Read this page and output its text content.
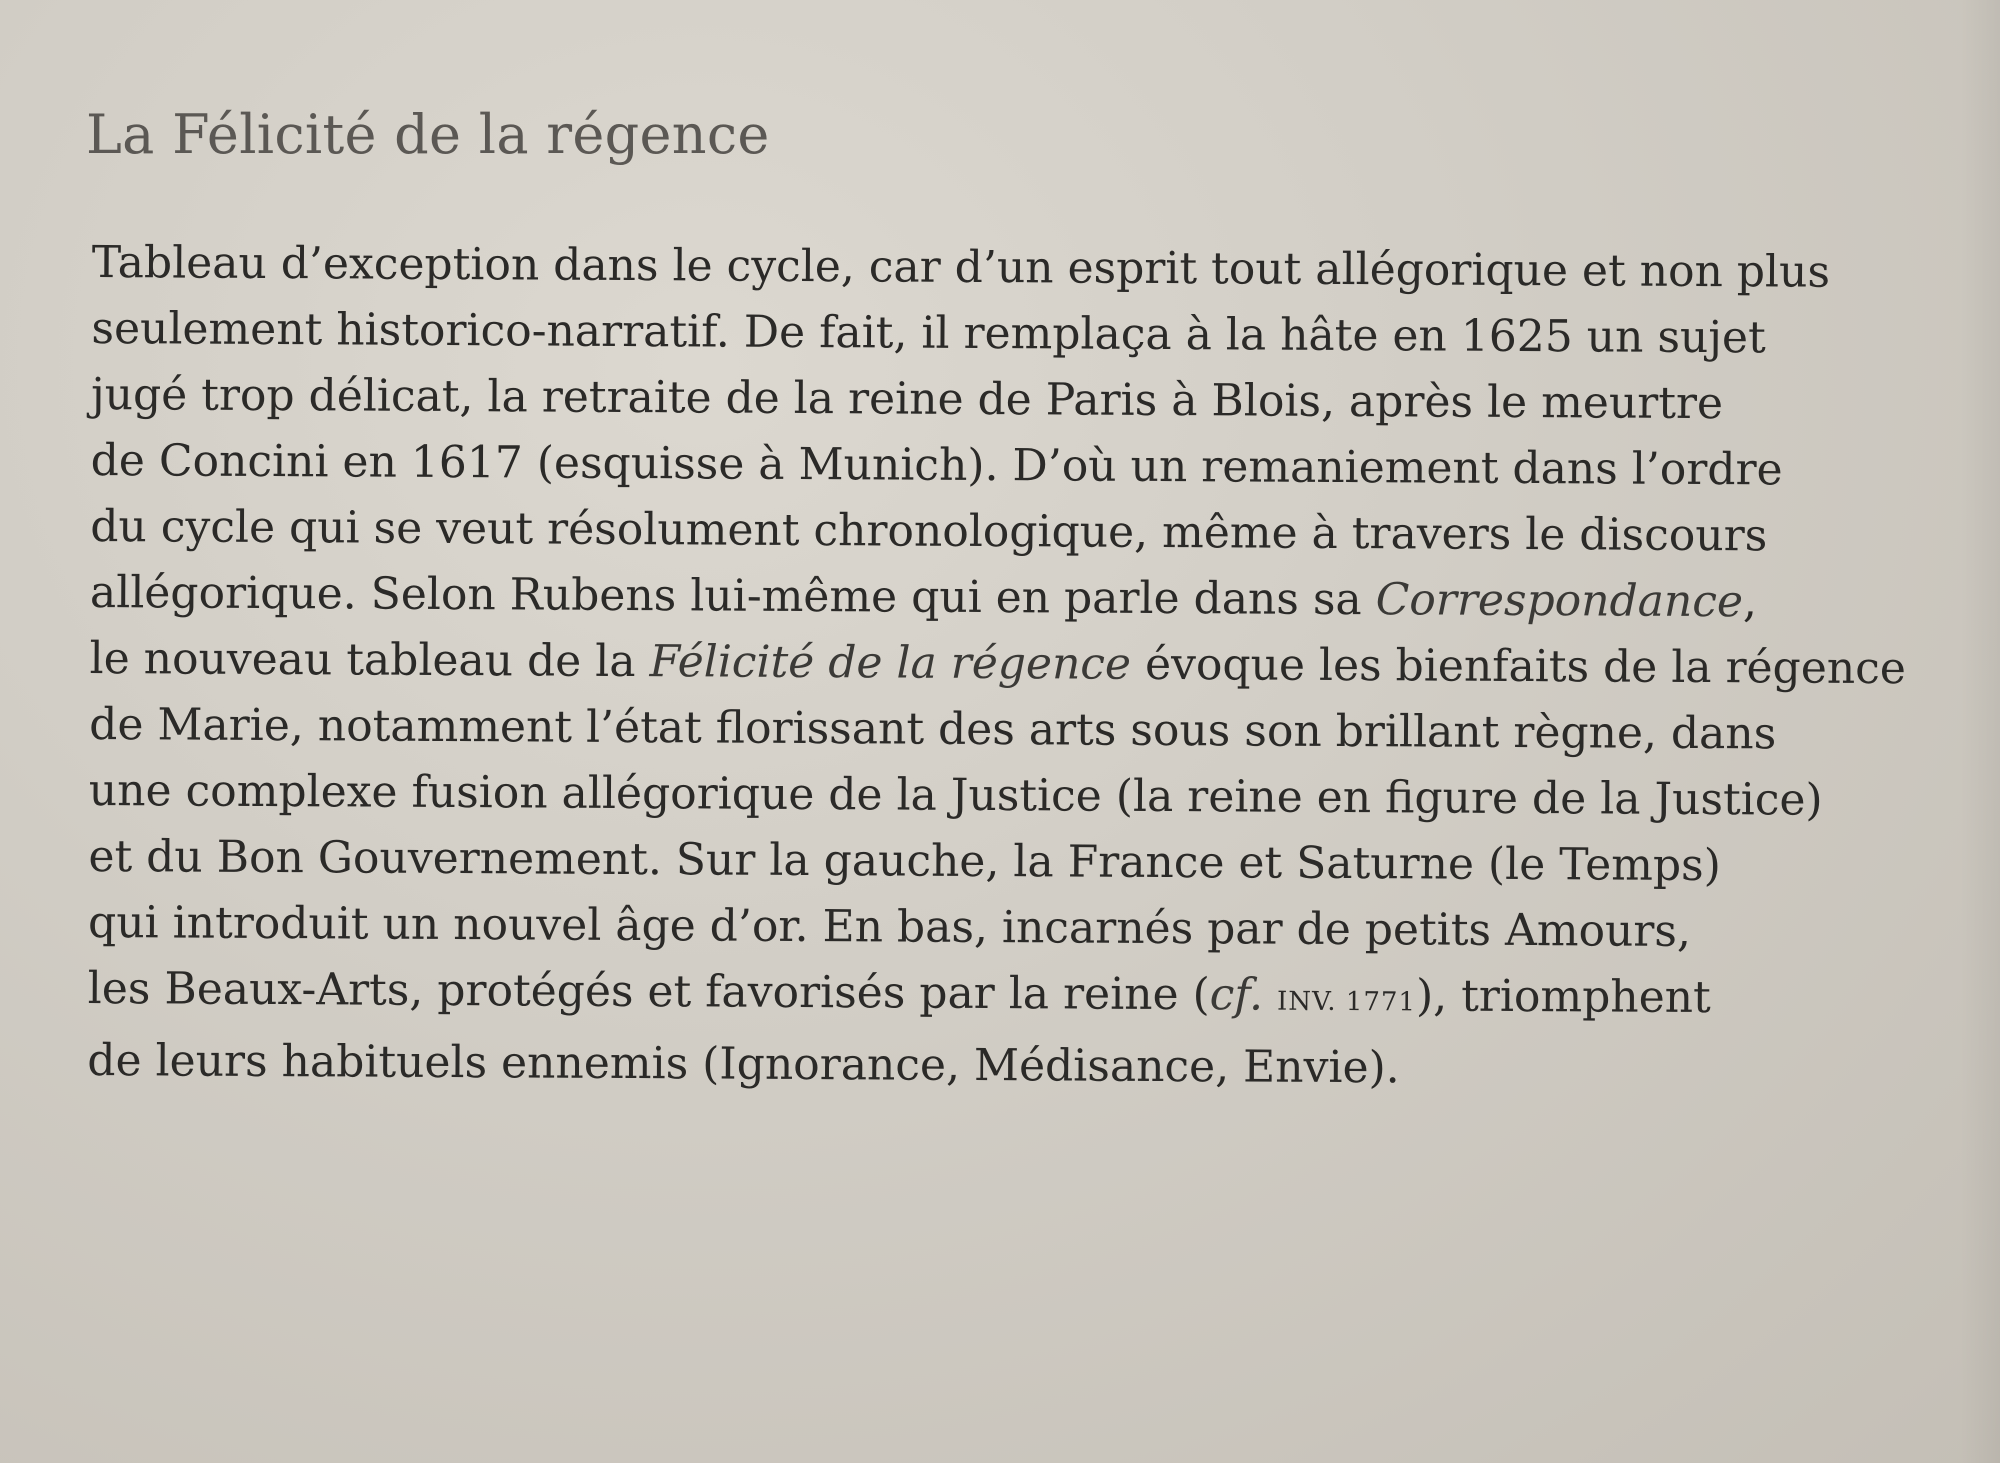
La Félicité de la régence
Tableau d’exception dans le cycle, car d’un esprit tout allégorique et non plus
seulement historico-narratif. De fait, il remplaça à la hâte en 1625 un sujet
jugé trop délicat, la retraite de la reine de Paris à Blois, après le meurtre
de Concini en 1617 (esquisse à Munich). D’où un remaniement dans l’ordre
du cycle qui se veut résolument chronologique, même à travers le discours
allégorique. Selon Rubens lui-même qui en parle dans sa Correspondance,
le nouveau tableau de la Félicité de la régence évoque les bienfaits de la régence
de Marie, notamment l’état florissant des arts sous son brillant règne, dans
une complexe fusion allégorique de la Justice (la reine en figure de la Justice)
et du Bon Gouvernement. Sur la gauche, la France et Saturne (le Temps)
qui introduit un nouvel âge d’or. En bas, incarnés par de petits Amours,
les Beaux-Arts, protégés et favorisés par la reine (cf. INV. 1771), triomphent
de leurs habituels ennemis (Ignorance, Médisance, Envie).
